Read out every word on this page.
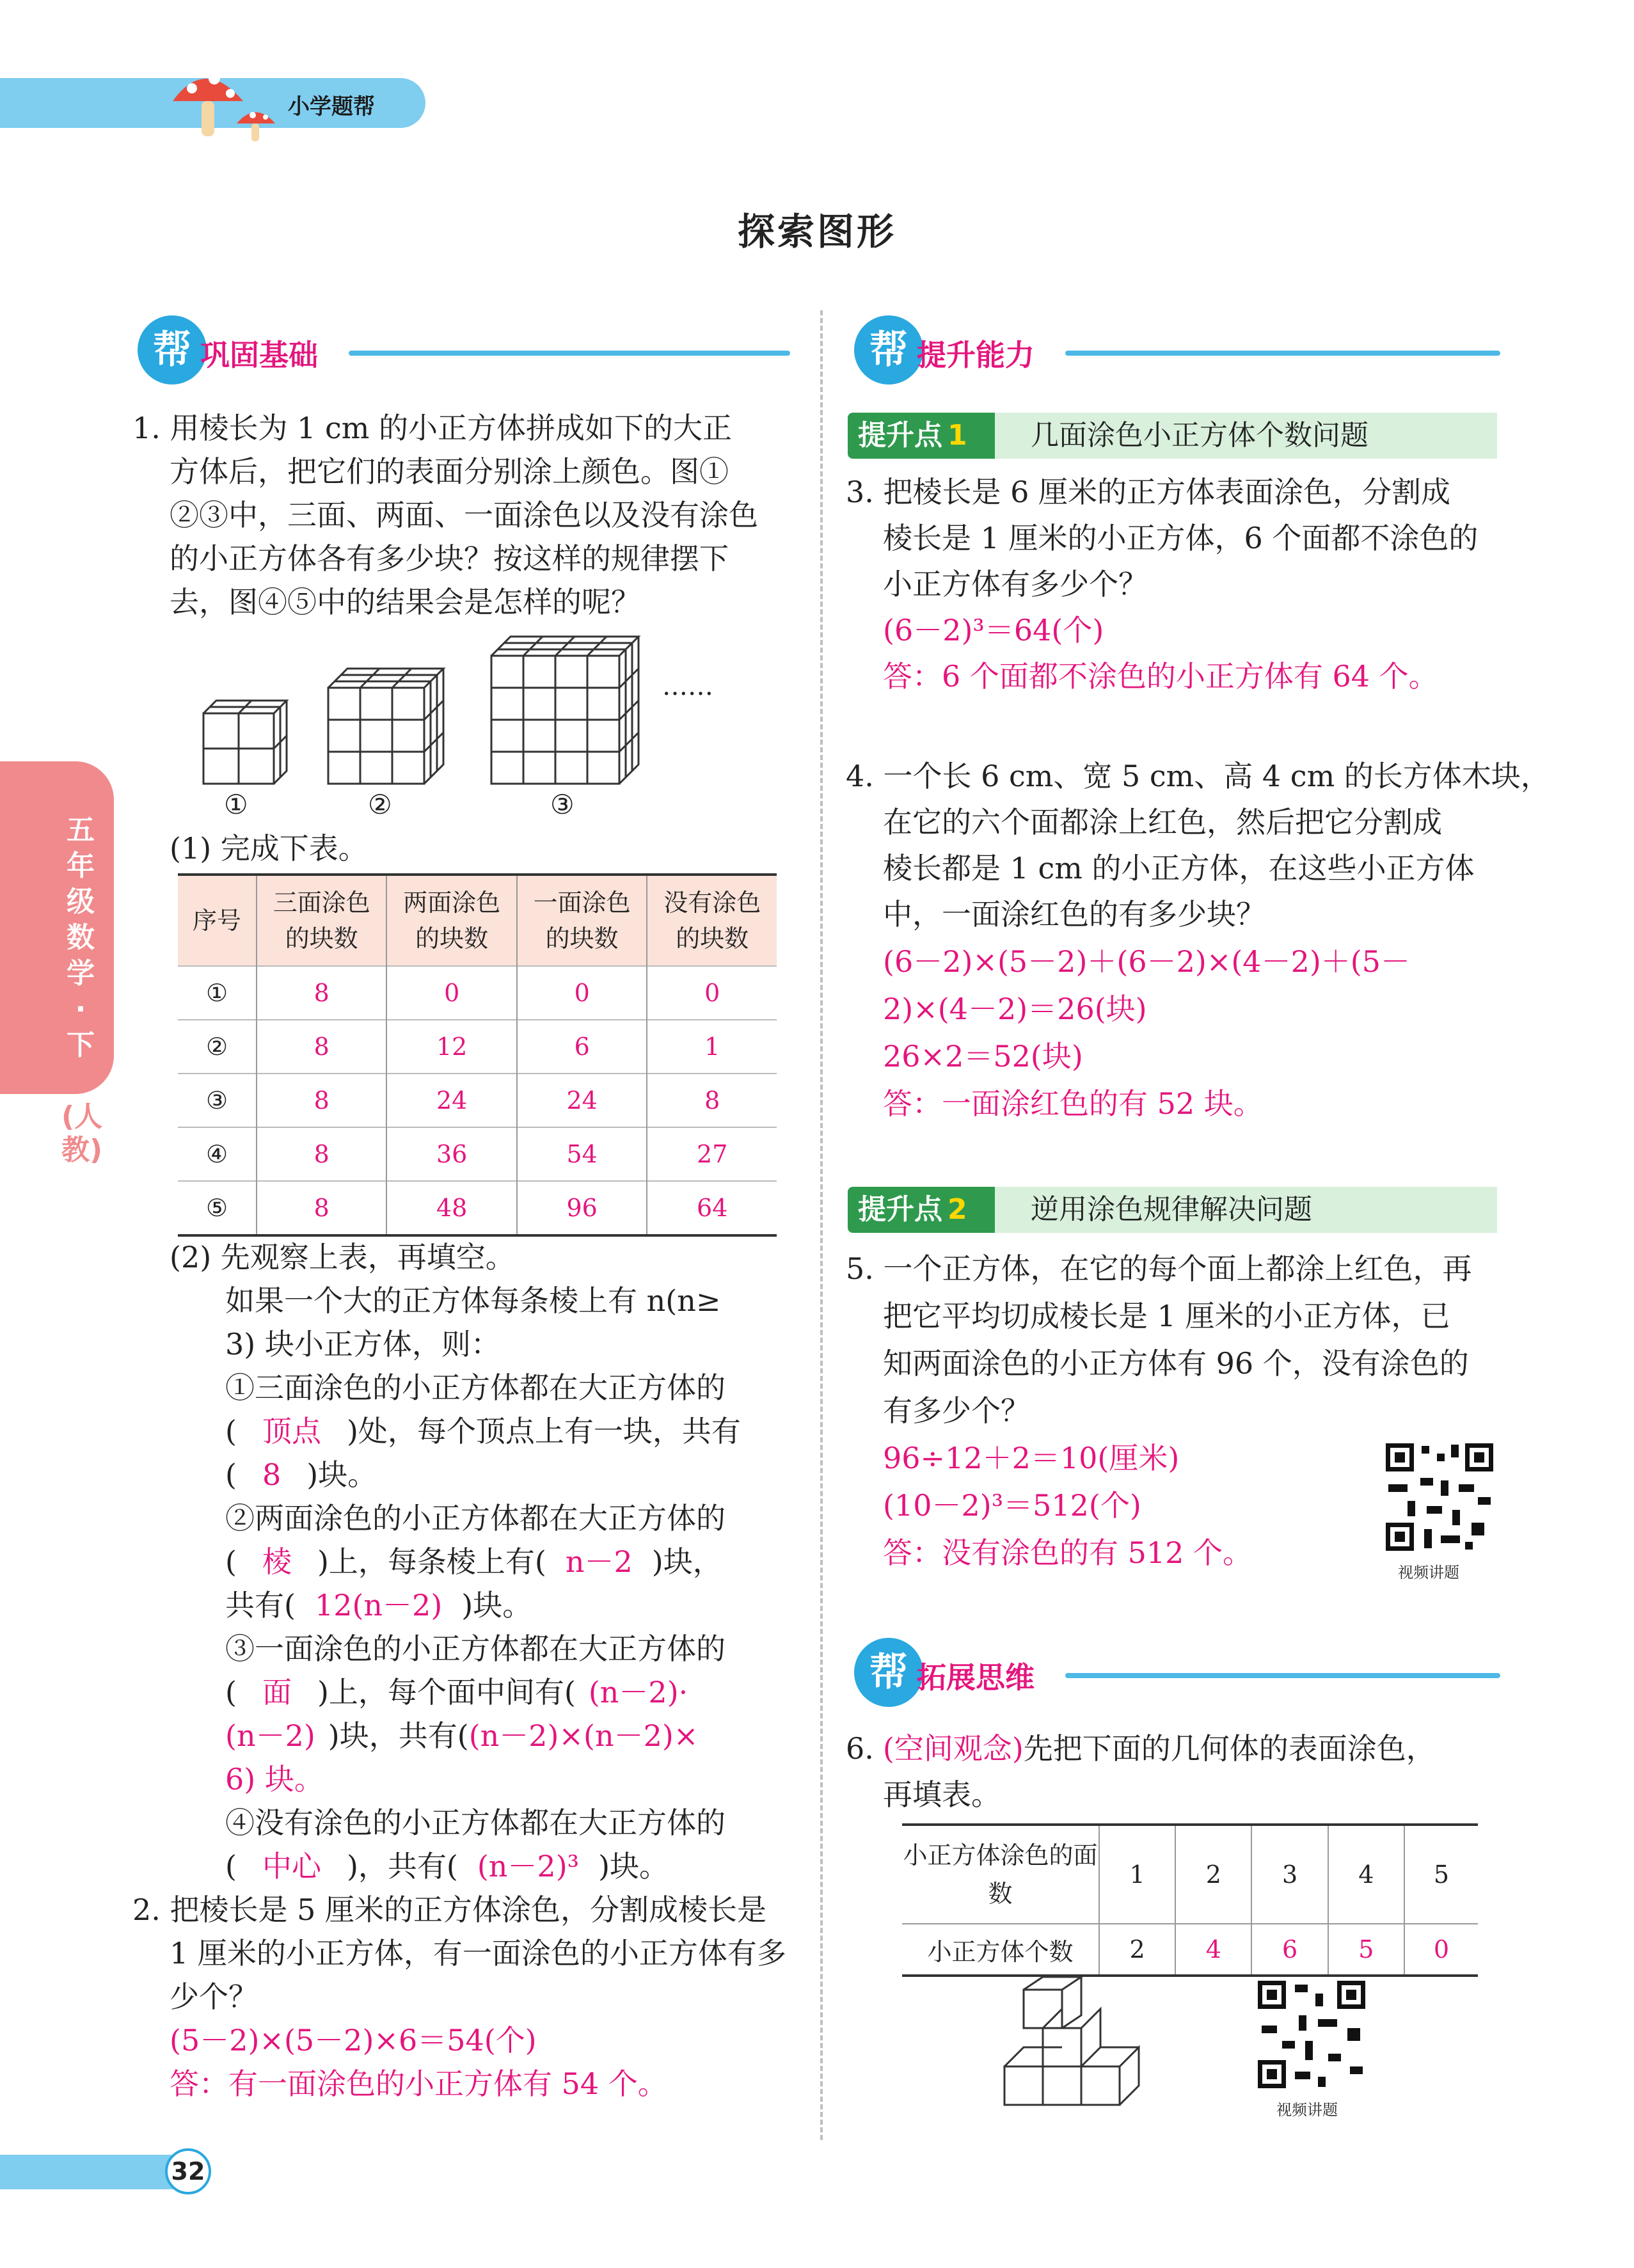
小学题帮
探索图形
五年级数学·下
(人教)
帮 巩固基础
1. 用棱长为 1 cm 的小正方体拼成如下的大正
方体后，把它们的表面分别涂上颜色。图①
②③中，三面、两面、一面涂色以及没有涂色
的小正方体各有多少块？按这样的规律摆下
去，图④⑤中的结果会是怎样的呢？
……
①	②	③
(1) 完成下表。
序号	三面涂色的块数	两面涂色的块数	一面涂色的块数	没有涂色的块数
①	8	0	0	0
②	8	12	6	1
③	8	24	24	8
④	8	36	54	27
⑤	8	48	96	64
(2) 先观察上表，再填空。
如果一个大的正方体每条棱上有 n(n≥
3) 块小正方体，则：
①三面涂色的小正方体都在大正方体的
( 顶点 )处，每个顶点上有一块，共有
( 8 )块。
②两面涂色的小正方体都在大正方体的
( 棱 )上，每条棱上有( n－2 )块，
共有( 12(n－2) )块。
③一面涂色的小正方体都在大正方体的
( 面 )上，每个面中间有( (n－2)·
(n－2) )块，共有((n－2)×(n－2)×
6) 块。
④没有涂色的小正方体都在大正方体的
( 中心 )，共有( (n－2)³ )块。
2. 把棱长是 5 厘米的正方体涂色，分割成棱长是
1 厘米的小正方体，有一面涂色的小正方体有多
少个？
(5－2)×(5－2)×6＝54(个)
答：有一面涂色的小正方体有 54 个。
帮 提升能力
提升点 1	几面涂色小正方体个数问题
3. 把棱长是 6 厘米的正方体表面涂色，分割成
棱长是 1 厘米的小正方体，6 个面都不涂色的
小正方体有多少个？
(6－2)³＝64(个)
答：6 个面都不涂色的小正方体有 64 个。
4. 一个长 6 cm、宽 5 cm、高 4 cm 的长方体木块，
在它的六个面都涂上红色，然后把它分割成
棱长都是 1 cm 的小正方体，在这些小正方体
中，一面涂红色的有多少块？
(6－2)×(5－2)＋(6－2)×(4－2)＋(5－
2)×(4－2)＝26(块)
26×2＝52(块)
答：一面涂红色的有 52 块。
提升点 2	逆用涂色规律解决问题
5. 一个正方体，在它的每个面上都涂上红色，再
把它平均切成棱长是 1 厘米的小正方体，已
知两面涂色的小正方体有 96 个，没有涂色的
有多少个？
96÷12＋2＝10(厘米)
(10－2)³＝512(个)
答：没有涂色的有 512 个。
视频讲题
帮 拓展思维
6. (空间观念)先把下面的几何体的表面涂色，
再填表。
小正方体涂色的面数	1	2	3	4	5
小正方体个数	2	4	6	5	0
视频讲题
32
